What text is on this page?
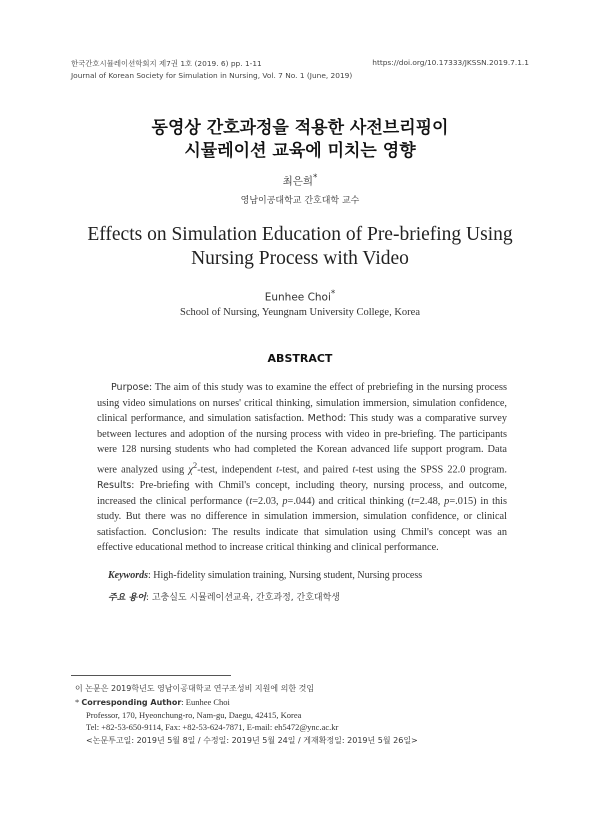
한국간호시뮬레이션학회지 제7권 1호 (2019. 6) pp. 1-11	https://doi.org/10.17333/JKSSN.2019.7.1.1
Journal of Korean Society for Simulation in Nursing, Vol. 7 No. 1 (June, 2019)
동영상 간호과정을 적용한 사전브리핑이
시뮬레이션 교육에 미치는 영향
최은희*
영남이공대학교 간호대학 교수
Effects on Simulation Education of Pre-briefing Using
Nursing Process with Video
Eunhee Choi*
School of Nursing, Yeungnam University College, Korea
ABSTRACT
Purpose: The aim of this study was to examine the effect of prebriefing in the nursing process using video simulations on nurses' critical thinking, simulation immersion, simulation confidence, clinical performance, and simulation satisfaction. Method: This study was a comparative survey between lectures and adoption of the nursing process with video in pre-briefing. The participants were 128 nursing students who had completed the Korean advanced life support program. Data were analyzed using $\chi^2$-test, independent t-test, and paired t-test using the SPSS 22.0 program. Results: Pre-briefing with Chmil's concept, including theory, nursing process, and outcome, increased the clinical performance (t=2.03, p=.044) and critical thinking (t=2.48, p=.015) in this study. But there was no difference in simulation immersion, simulation confidence, or clinical satisfaction. Conclusion: The results indicate that simulation using Chmil's concept was an effective educational method to increase critical thinking and clinical performance.
Keywords: High-fidelity simulation training, Nursing student, Nursing process
주요 용어: 고충실도 시뮬레이션교육, 간호과정, 간호대학생
이 논문은 2019학년도 영남이공대학교 연구조성비 지원에 의한 것임
* Corresponding Author: Eunhee Choi
Professor, 170, Hyeonchung-ro, Nam-gu, Daegu, 42415, Korea
Tel: +82-53-650-9114, Fax: +82-53-624-7871, E-mail: eh5472@ync.ac.kr
<논문투고일: 2019년 5월 8일 / 수정일: 2019년 5월 24일 / 게재확정일: 2019년 5월 26일>
